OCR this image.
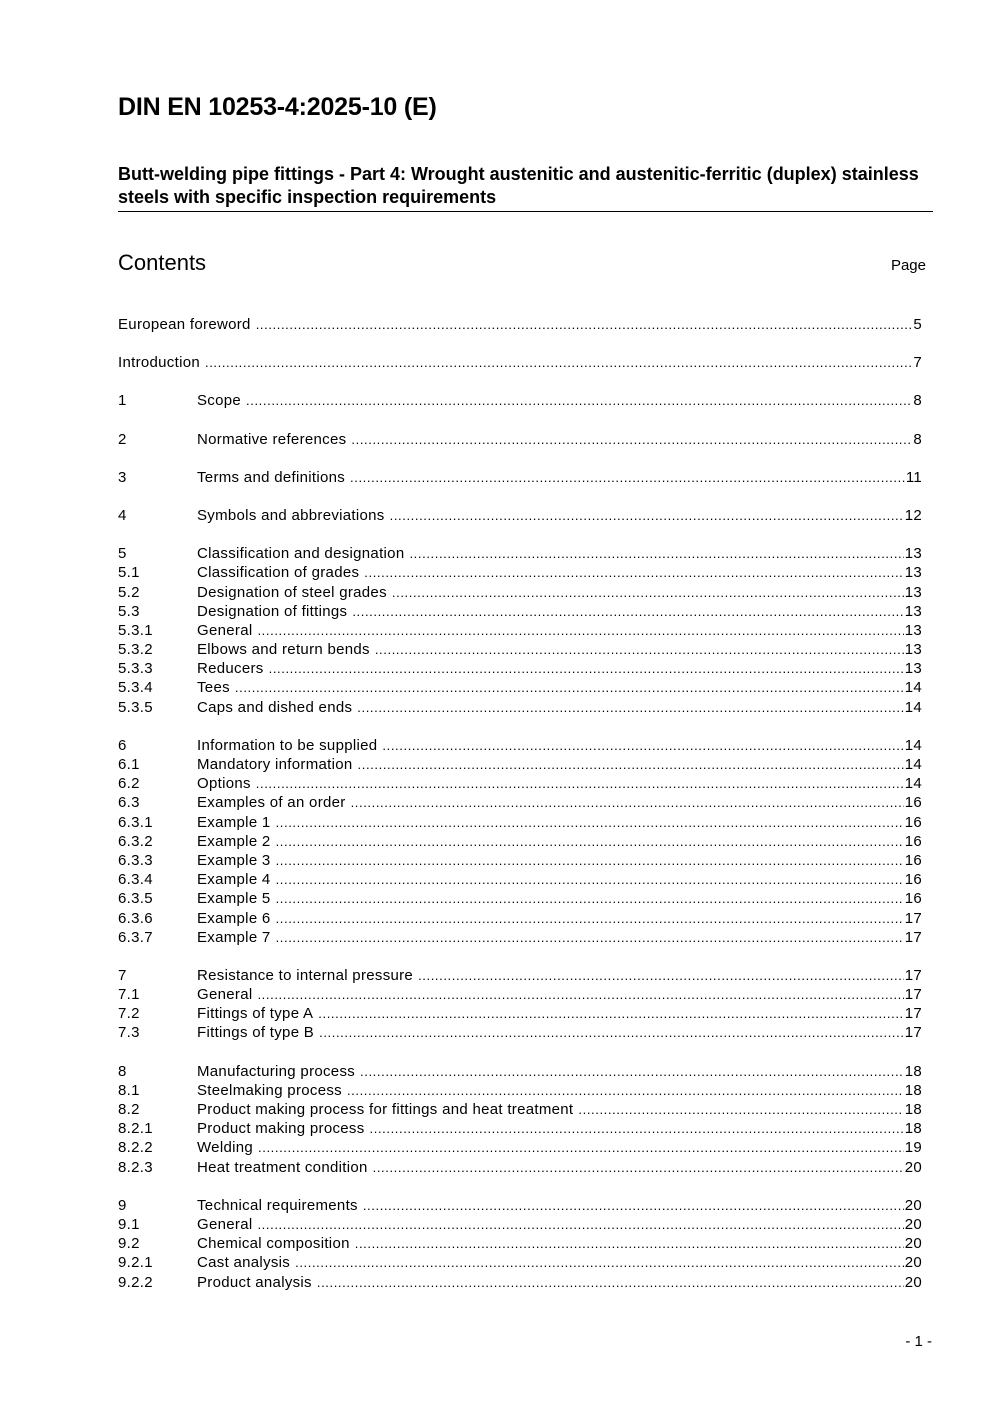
DIN EN 10253-4:2025-10 (E)
Butt-welding pipe fittings - Part 4: Wrought austenitic and austenitic-ferritic (duplex) stainless steels with specific inspection requirements
Contents	Page
European foreword .....	5
Introduction .....	7
1	Scope .....	8
2	Normative references .....	8
3	Terms and definitions .....	11
4	Symbols and abbreviations .....	12
5	Classification and designation .....	13
5.1	Classification of grades .....	13
5.2	Designation of steel grades .....	13
5.3	Designation of fittings .....	13
5.3.1	General .....	13
5.3.2	Elbows and return bends .....	13
5.3.3	Reducers .....	13
5.3.4	Tees .....	14
5.3.5	Caps and dished ends .....	14
6	Information to be supplied .....	14
6.1	Mandatory information .....	14
6.2	Options .....	14
6.3	Examples of an order .....	16
6.3.1	Example 1 .....	16
6.3.2	Example 2 .....	16
6.3.3	Example 3 .....	16
6.3.4	Example 4 .....	16
6.3.5	Example 5 .....	16
6.3.6	Example 6 .....	17
6.3.7	Example 7 .....	17
7	Resistance to internal pressure .....	17
7.1	General .....	17
7.2	Fittings of type A .....	17
7.3	Fittings of type B .....	17
8	Manufacturing process .....	18
8.1	Steelmaking process .....	18
8.2	Product making process for fittings and heat treatment .....	18
8.2.1	Product making process .....	18
8.2.2	Welding .....	19
8.2.3	Heat treatment condition .....	20
9	Technical requirements .....	20
9.1	General .....	20
9.2	Chemical composition .....	20
9.2.1	Cast analysis .....	20
9.2.2	Product analysis .....	20
- 1 -
